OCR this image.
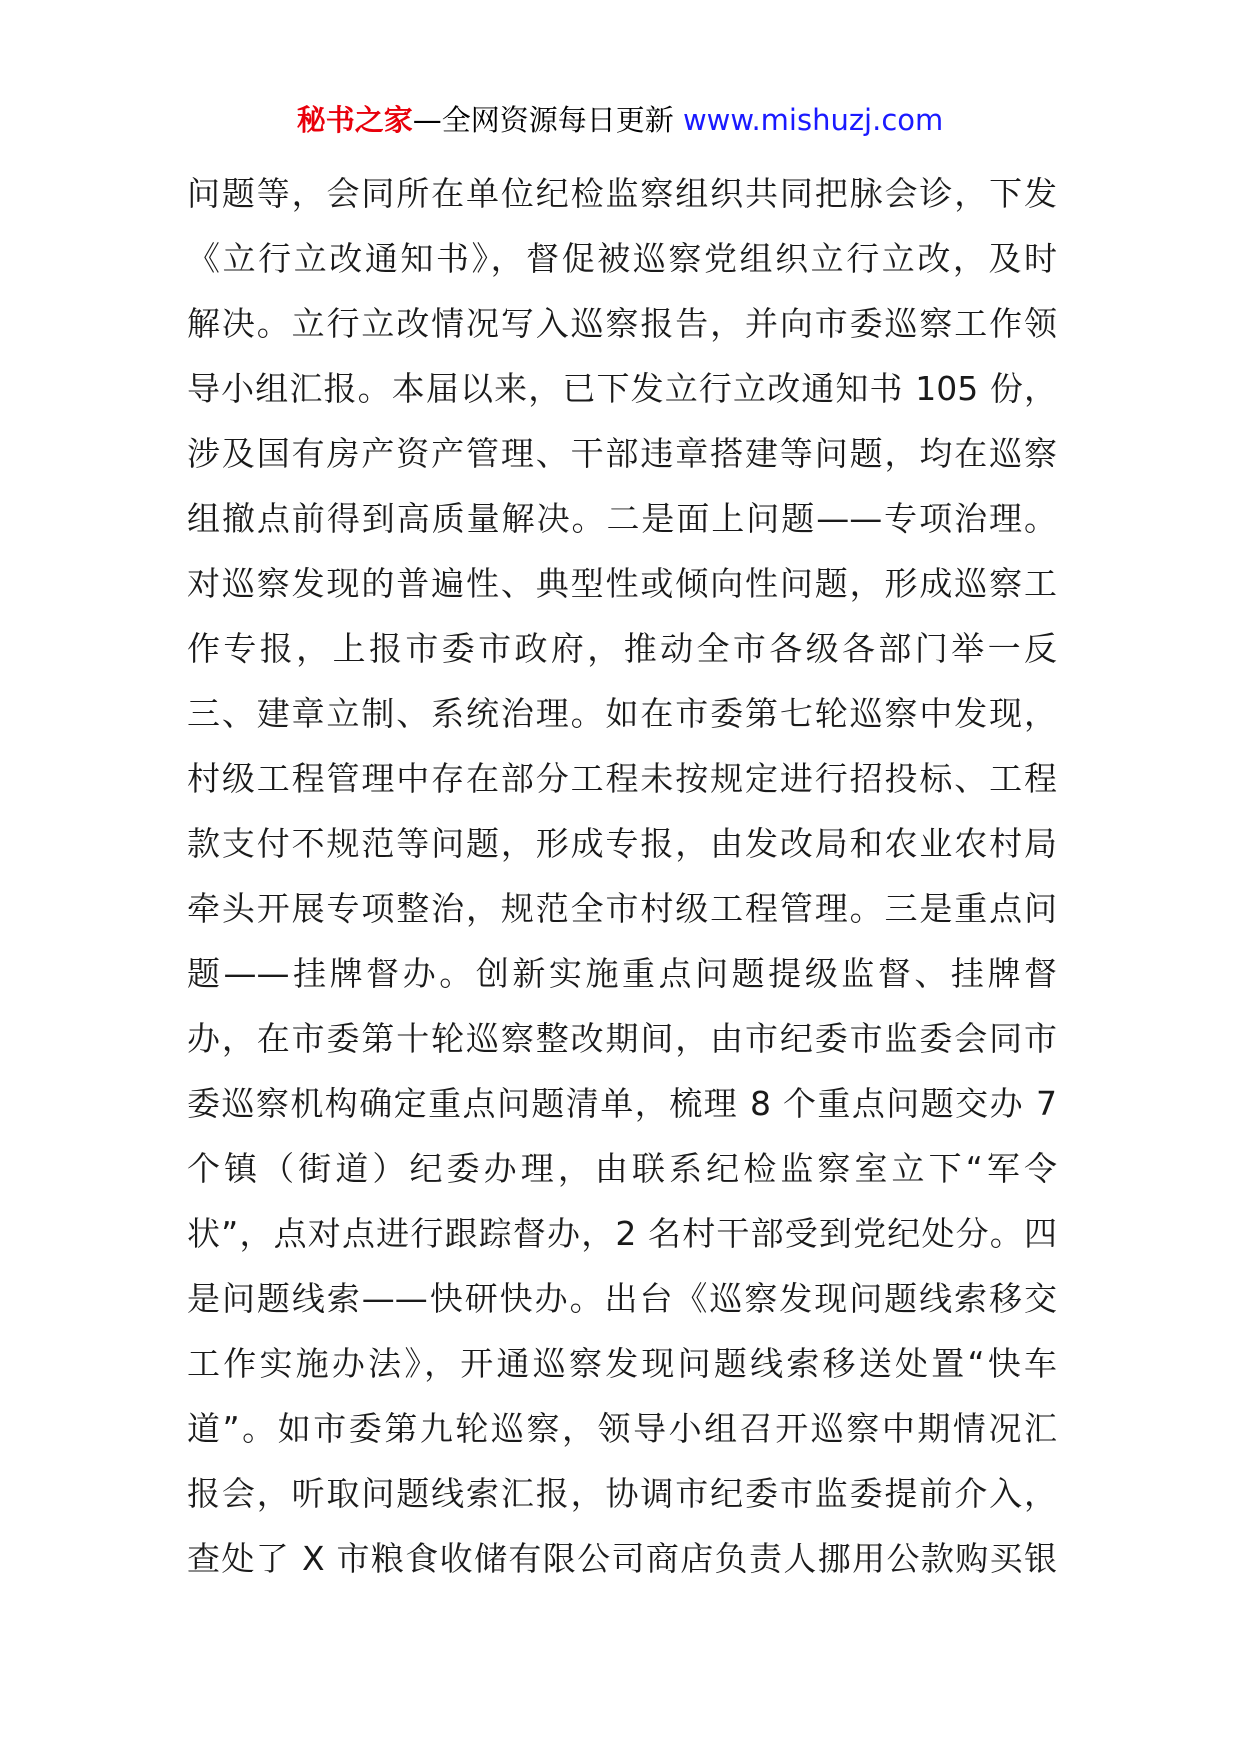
秘书之家—全网资源每日更新 www.mishuzj.com
问题等，会同所在单位纪检监察组织共同把脉会诊，下发
《立行立改通知书》，督促被巡察党组织立行立改，及时
解决。立行立改情况写入巡察报告，并向市委巡察工作领
导小组汇报。本届以来，已下发立行立改通知书 105 份，
涉及国有房产资产管理、干部违章搭建等问题，均在巡察
组撤点前得到高质量解决。二是面上问题——专项治理。
对巡察发现的普遍性、典型性或倾向性问题，形成巡察工
作专报，上报市委市政府，推动全市各级各部门举一反
三、建章立制、系统治理。如在市委第七轮巡察中发现，
村级工程管理中存在部分工程未按规定进行招投标、工程
款支付不规范等问题，形成专报，由发改局和农业农村局
牵头开展专项整治，规范全市村级工程管理。三是重点问
题——挂牌督办。创新实施重点问题提级监督、挂牌督
办，在市委第十轮巡察整改期间，由市纪委市监委会同市
委巡察机构确定重点问题清单，梳理 8 个重点问题交办 7
个镇（街道）纪委办理，由联系纪检监察室立下“军令
状”，点对点进行跟踪督办，2 名村干部受到党纪处分。四
是问题线索——快研快办。出台《巡察发现问题线索移交
工作实施办法》，开通巡察发现问题线索移送处置“快车
道”。如市委第九轮巡察，领导小组召开巡察中期情况汇
报会，听取问题线索汇报，协调市纪委市监委提前介入，
查处了 X 市粮食收储有限公司商店负责人挪用公款购买银
